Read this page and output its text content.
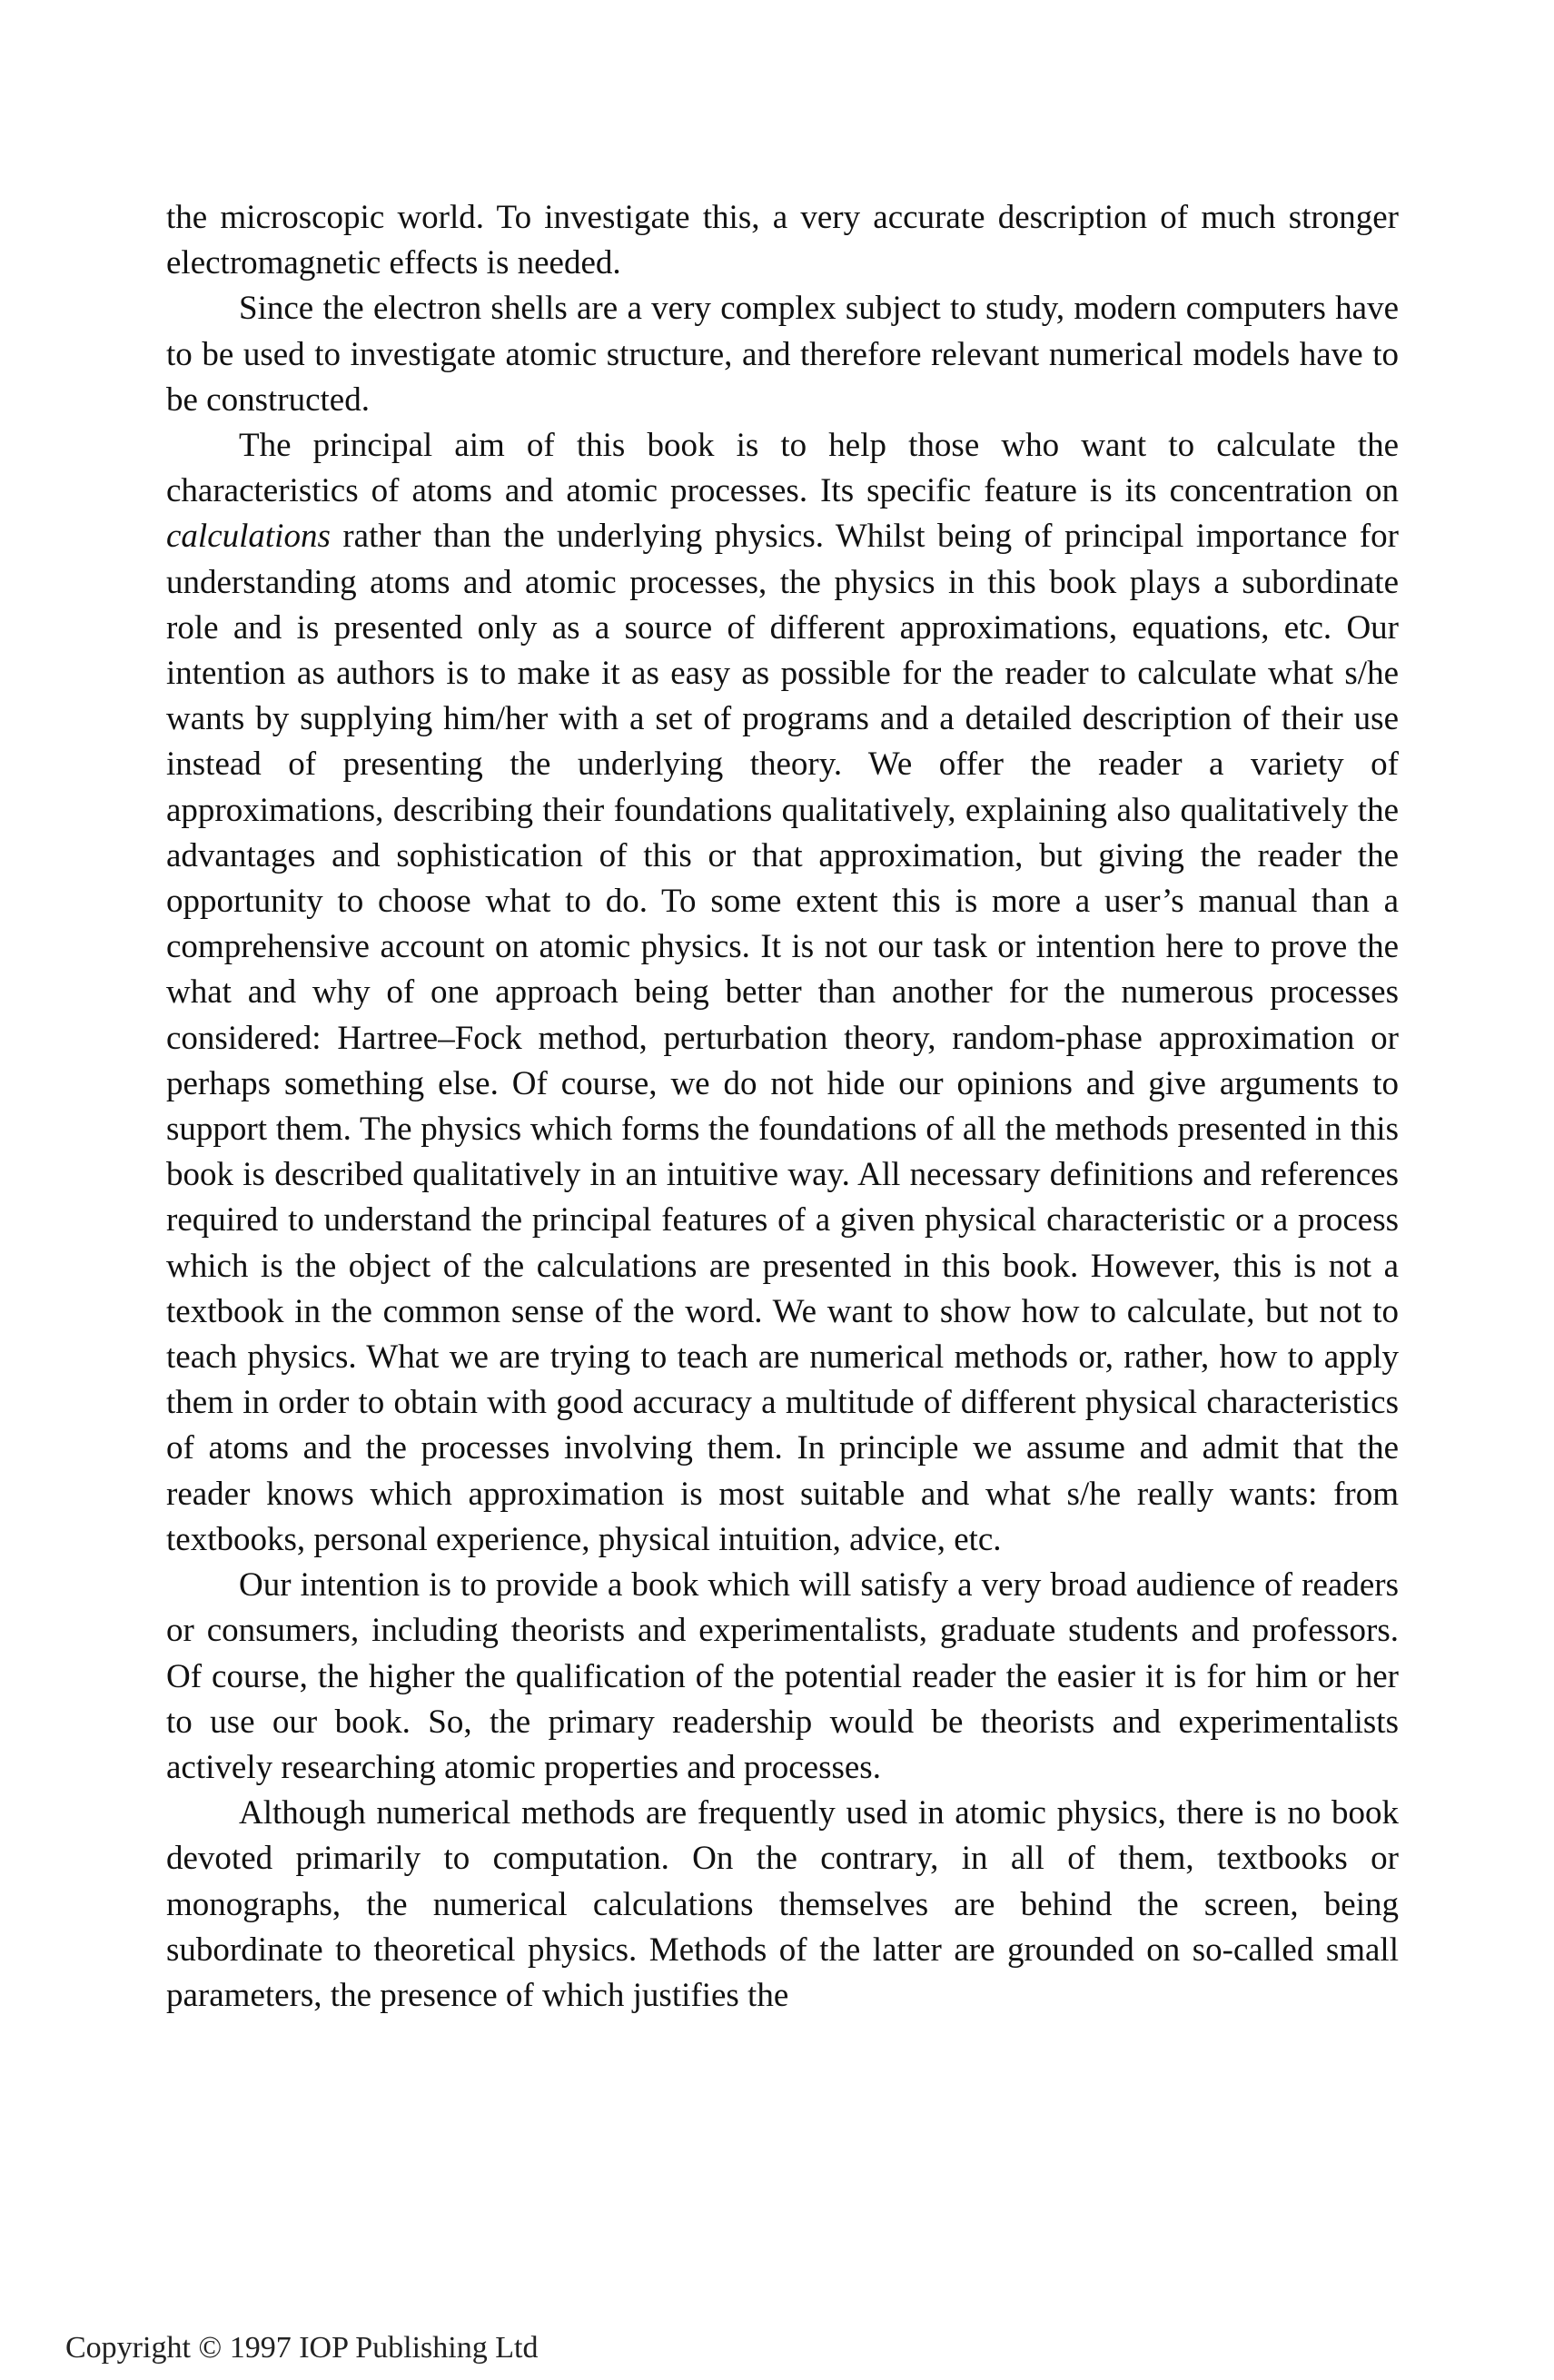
the microscopic world. To investigate this, a very accurate description of much stronger electromagnetic effects is needed.

Since the electron shells are a very complex subject to study, modern computers have to be used to investigate atomic structure, and therefore relevant numerical models have to be constructed.

The principal aim of this book is to help those who want to calculate the characteristics of atoms and atomic processes. Its specific feature is its concentration on calculations rather than the underlying physics. Whilst being of principal importance for understanding atoms and atomic processes, the physics in this book plays a subordinate role and is presented only as a source of different approximations, equations, etc. Our intention as authors is to make it as easy as possible for the reader to calculate what s/he wants by supplying him/her with a set of programs and a detailed description of their use instead of presenting the underlying theory. We offer the reader a variety of approximations, describing their foundations qualitatively, explaining also qualitatively the advantages and sophistication of this or that approximation, but giving the reader the opportunity to choose what to do. To some extent this is more a user’s manual than a comprehensive account on atomic physics. It is not our task or intention here to prove the what and why of one approach being better than another for the numerous processes considered: Hartree–Fock method, perturbation theory, random-phase approximation or perhaps something else. Of course, we do not hide our opinions and give arguments to support them. The physics which forms the foundations of all the methods presented in this book is described qualitatively in an intuitive way. All necessary definitions and references required to understand the principal features of a given physical characteristic or a process which is the object of the calculations are presented in this book. However, this is not a textbook in the common sense of the word. We want to show how to calculate, but not to teach physics. What we are trying to teach are numerical methods or, rather, how to apply them in order to obtain with good accuracy a multitude of different physical characteristics of atoms and the processes involving them. In principle we assume and admit that the reader knows which approximation is most suitable and what s/he really wants: from textbooks, personal experience, physical intuition, advice, etc.

Our intention is to provide a book which will satisfy a very broad audience of readers or consumers, including theorists and experimentalists, graduate students and professors. Of course, the higher the qualification of the potential reader the easier it is for him or her to use our book. So, the primary readership would be theorists and experimentalists actively researching atomic properties and processes.

Although numerical methods are frequently used in atomic physics, there is no book devoted primarily to computation. On the contrary, in all of them, textbooks or monographs, the numerical calculations themselves are behind the screen, being subordinate to theoretical physics. Methods of the latter are grounded on so-called small parameters, the presence of which justifies the

Copyright © 1997 IOP Publishing Ltd
